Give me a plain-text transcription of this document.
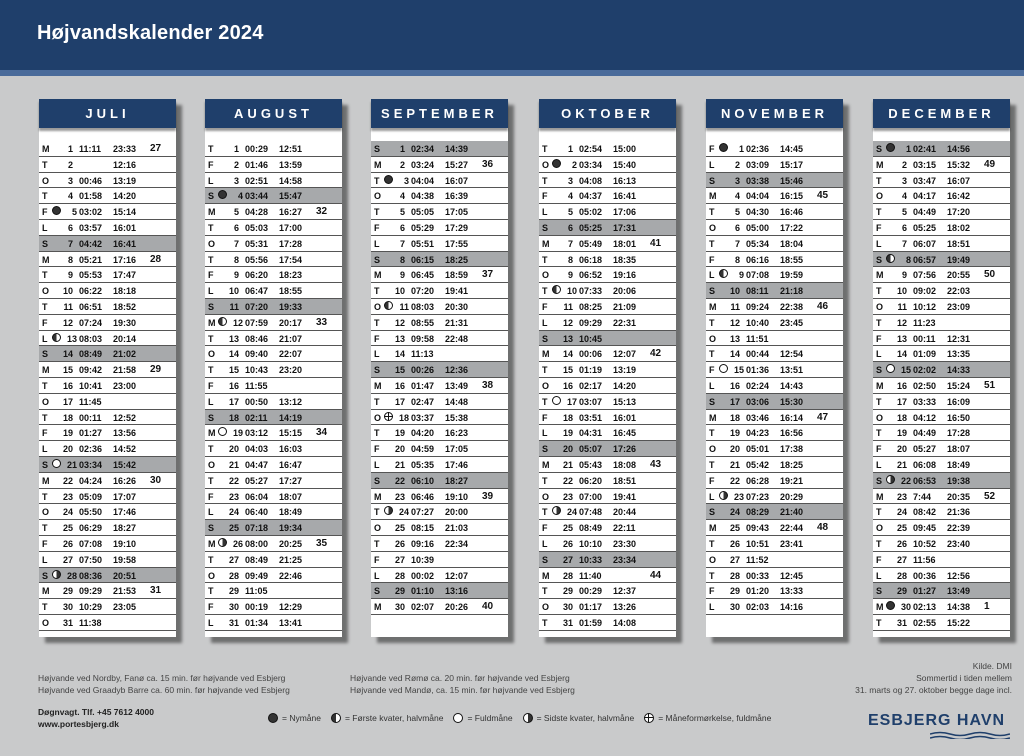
Højvandskalender 2024
JULI
M	1 11:11 23:33 27
T	2	12:16
O	3 00:46 13:19
T	4 01:58 14:20
F	5 03:02 15:14
L	6 03:57 16:01
S	7 04:42 16:41
M	8 05:21 17:16 28
T	9 05:53 17:47
O	10 06:22 18:18
T	11 06:51 18:52
F	12 07:24 19:30
L	13 08:03 20:14
S	14 08:49 21:02
M	15 09:42 21:58 29
T	16 10:41 23:00
O	17 11:45
T	18 00:11 12:52
F	19 01:27 13:56
L	20 02:36 14:52
S	21 03:34 15:42
M	22 04:24 16:26 30
T	23 05:09 17:07
O	24 05:50 17:46
T	25 06:29 18:27
F	26 07:08 19:10
L	27 07:50 19:58
S	28 08:36 20:51
M	29 09:29 21:53 31
T	30 10:29 23:05
O	31 11:38
AUGUST
T	1 00:29 12:51
F	2 01:46 13:59
L	3 02:51 14:58
S	4 03:44 15:47
M	5 04:28 16:27 32
T	6 05:03 17:00
O	7 05:31 17:28
T	8 05:56 17:54
F	9 06:20 18:23
L	10 06:47 18:55
S	11 07:20 19:33
M	12 07:59 20:17 33
T	13 08:46 21:07
O	14 09:40 22:07
T	15 10:43 23:20
F	16 11:55
L	17 00:50 13:12
S	18 02:11 14:19
M	19 03:12 15:15 34
T	20 04:03 16:03
O	21 04:47 16:47
T	22 05:27 17:27
F	23 06:04 18:07
L	24 06:40 18:49
S	25 07:18 19:34
M	26 08:00 20:25 35
T	27 08:49 21:25
O	28 09:49 22:46
T	29 11:05
F	30 00:19 12:29
L	31 01:34 13:41
SEPTEMBER
S	1 02:34 14:39
M	2 03:24 15:27 36
T	3 04:04 16:07
O	4 04:38 16:39
T	5 05:05 17:05
F	6 05:29 17:29
L	7 05:51 17:55
S	8 06:15 18:25
M	9 06:45 18:59 37
T	10 07:20 19:41
O	11 08:03 20:30
T	12 08:55 21:31
F	13 09:58 22:48
L	14 11:13
S	15 00:26 12:36
M	16 01:47 13:49 38
T	17 02:47 14:48
O	18 03:37 15:38
T	19 04:20 16:23
F	20 04:59 17:05
L	21 05:35 17:46
S	22 06:10 18:27
M	23 06:46 19:10 39
T	24 07:27 20:00
O	25 08:15 21:03
T	26 09:16 22:34
F	27 10:39
L	28 00:02 12:07
S	29 01:10 13:16
M	30 02:07 20:26 40
OKTOBER
T	1 02:54 15:00
O	2 03:34 15:40
T	3 04:08 16:13
F	4 04:37 16:41
L	5 05:02 17:06
S	6 05:25 17:31
M	7 05:49 18:01 41
T	8 06:18 18:35
O	9 06:52 19:16
T	10 07:33 20:06
F	11 08:25 21:09
L	12 09:29 22:31
S	13 10:45
M	14 00:06 12:07 42
T	15 01:19 13:19
O	16 02:17 14:20
T	17 03:07 15:13
F	18 03:51 16:01
L	19 04:31 16:45
S	20 05:07 17:26
M	21 05:43 18:08 43
T	22 06:20 18:51
O	23 07:00 19:41
T	24 07:48 20:44
F	25 08:49 22:11
L	26 10:10 23:30
S	27 10:33 23:34
M	28 11:40	44
T	29 00:29 12:37
O	30 01:17 13:26
T	31 01:59 14:08
NOVEMBER
F	1 02:36 14:45
L	2 03:09 15:17
S	3 03:38 15:46
M	4 04:04 16:15 45
T	5 04:30 16:46
O	6 05:00 17:22
T	7 05:34 18:04
F	8 06:16 18:55
L	9 07:08 19:59
S	10 08:11 21:18
M	11 09:24 22:38 46
T	12 10:40 23:45
O	13 11:51
T	14 00:44 12:54
F	15 01:36 13:51
L	16 02:24 14:43
S	17 03:06 15:30
M	18 03:46 16:14 47
T	19 04:23 16:56
O	20 05:01 17:38
T	21 05:42 18:25
F	22 06:28 19:21
L	23 07:23 20:29
S	24 08:29 21:40
M	25 09:43 22:44 48
T	26 10:51 23:41
O	27 11:52
T	28 00:33 12:45
F	29 01:20 13:33
L	30 02:03 14:16
DECEMBER
S	1 02:41 14:56
M	2 03:15 15:32 49
T	3 03:47 16:07
O	4 04:17 16:42
T	5 04:49 17:20
F	6 05:25 18:02
L	7 06:07 18:51
S	8 06:57 19:49
M	9 07:56 20:55 50
T	10 09:02 22:03
O	11 10:12 23:09
T	12 11:23
F	13 00:11 12:31
L	14 01:09 13:35
S	15 02:02 14:33
M	16 02:50 15:24 51
T	17 03:33 16:09
O	18 04:12 16:50
T	19 04:49 17:28
F	20 05:27 18:07
L	21 06:08 18:49
S	22 06:53 19:38
M	23 7:44 20:35 52
T	24 08:42 21:36
O	25 09:45 22:39
T	26 10:52 23:40
F	27 11:56
L	28 00:36 12:56
S	29 01:27 13:49
M	30 02:13 14:38 1
T	31 02:55 15:22
Højvande ved Nordby, Fanø ca. 15 min. før højvande ved Esbjerg
Højvande ved Graadyb Barre ca. 60 min. før højvande ved Esbjerg
Højvande ved Rømø ca. 20 min. før højvande ved Esbjerg
Højvande ved Mandø, ca. 15 min. før højvande ved Esbjerg
Kilde. DMI
Sommertid i tiden mellem
31. marts og 27. oktober begge dage incl.
Døgnvagt. Tlf. +45 7612 4000
www.portesbjerg.dk
= Nymåne	= Første kvater, halvmåne	= Fuldmåne	= Sidste kvater, halvmåne	= Måneformørkelse, fuldmåne	ESBJERG HAVN
